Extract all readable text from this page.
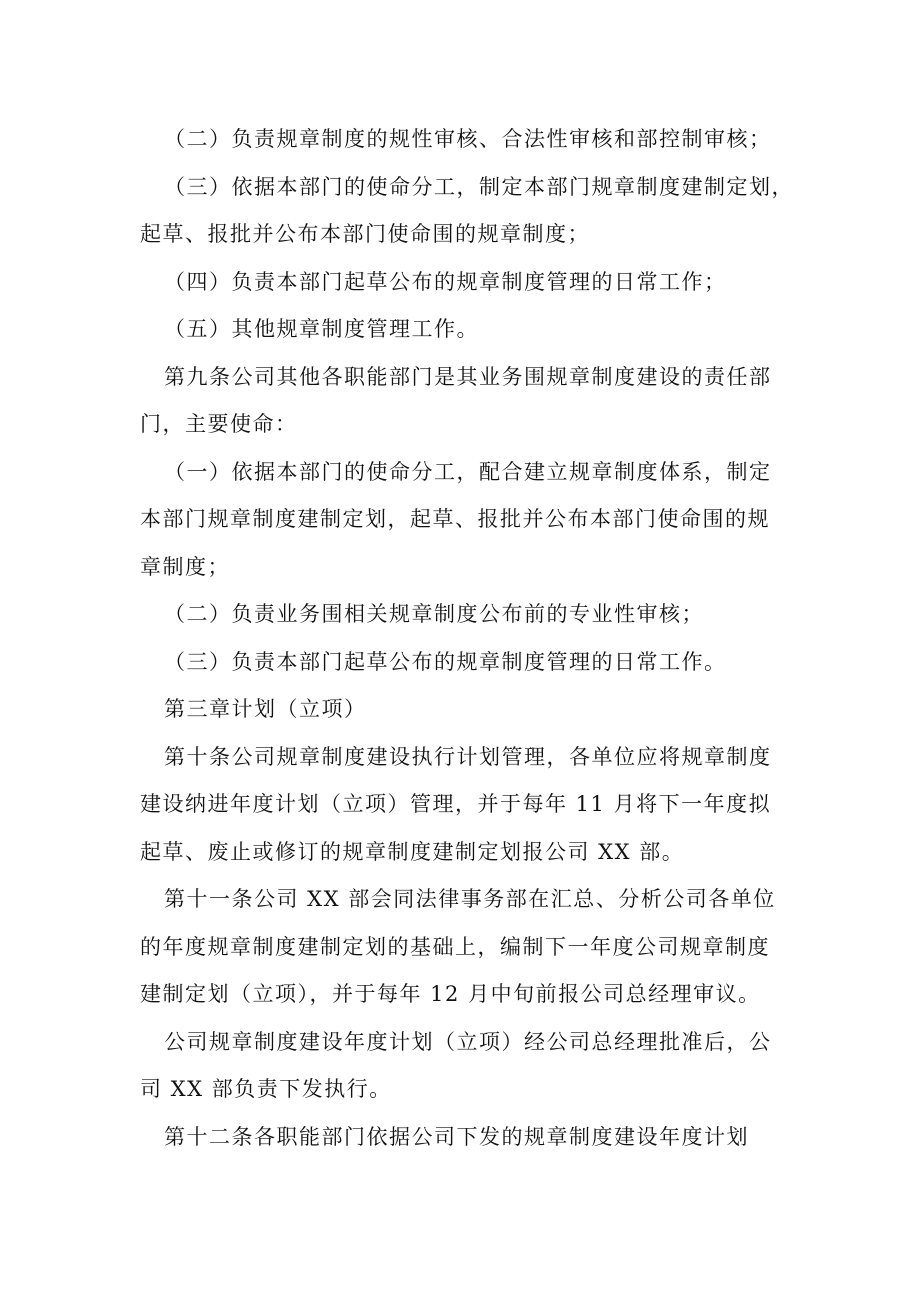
（二）负责规章制度的规性审核、合法性审核和部控制审核；
（三）依据本部门的使命分工，制定本部门规章制度建制定划，
起草、报批并公布本部门使命围的规章制度；
（四）负责本部门起草公布的规章制度管理的日常工作；
（五）其他规章制度管理工作。
第九条公司其他各职能部门是其业务围规章制度建设的责任部
门，主要使命：
（一）依据本部门的使命分工，配合建立规章制度体系，制定
本部门规章制度建制定划，起草、报批并公布本部门使命围的规
章制度；
（二）负责业务围相关规章制度公布前的专业性审核；
（三）负责本部门起草公布的规章制度管理的日常工作。
第三章计划（立项）
第十条公司规章制度建设执行计划管理，各单位应将规章制度
建设纳进年度计划（立项）管理，并于每年 11 月将下一年度拟
起草、废止或修订的规章制度建制定划报公司 XX 部。
第十一条公司 XX 部会同法律事务部在汇总、分析公司各单位
的年度规章制度建制定划的基础上，编制下一年度公司规章制度
建制定划（立项），并于每年 12 月中旬前报公司总经理审议。
公司规章制度建设年度计划（立项）经公司总经理批准后，公
司 XX 部负责下发执行。
第十二条各职能部门依据公司下发的规章制度建设年度计划
